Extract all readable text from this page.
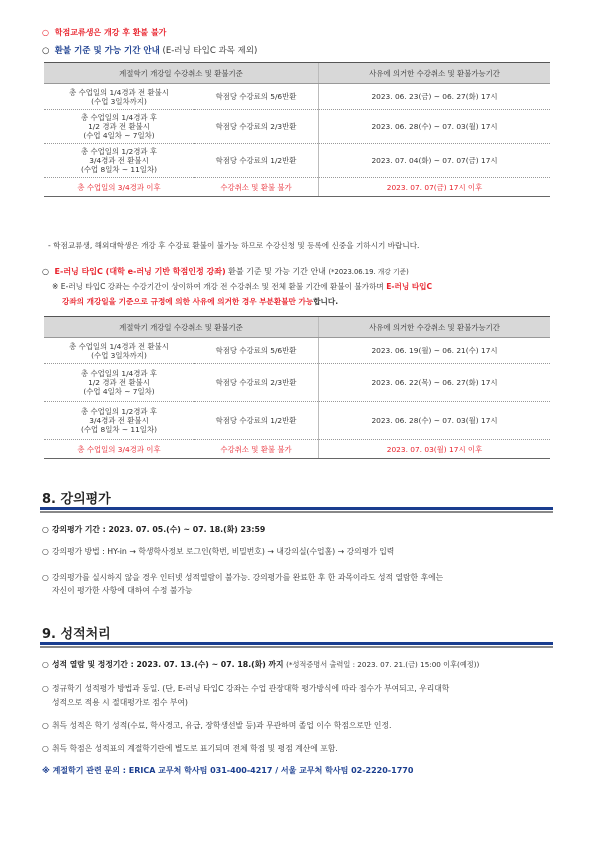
○ 학점교류생은 개강 후 환불 불가
○ 환불 기준 및 가능 기간 안내 (E-러닝 타입C 과목 제외)
계절학기 개강일 수강취소 및 환불기준		사유에 의거한 수강취소 및 환불가능기간
총 수업일의 1/4경과 전 환불시
(수업 3일차까지)	학점당 수강료의 5/6반환	2023. 06. 23(금) ~ 06. 27(화) 17시
총 수업일의 1/4경과 후
1/2 경과 전 환불시
(수업 4일차 ~ 7일차)	학점당 수강료의 2/3반환	2023. 06. 28(수) ~ 07. 03(월) 17시
총 수업일의 1/2경과 후
3/4경과 전 환불시
(수업 8일차 ~ 11일차)	학점당 수강료의 1/2반환	2023. 07. 04(화) ~ 07. 07(금) 17시
총 수업일의 3/4경과 이후	수강취소 및 환불 불가	2023. 07. 07(금) 17시 이후
- 학점교류생, 해외대학생은 개강 후 수강료 환불이 불가능 하므로 수강신청 및 등록에 신중을 기하시기 바랍니다.
○ E-러닝 타입C (대학 e-러닝 기반 학점인정 강좌) 환불 기준 및 가능 기간 안내 (*2023.06.19. 개강 기준)
※ E-러닝 타입C 강좌는 수강기간이 상이하여 개강 전 수강취소 및 전체 환불 기간에 환불이 불가하며 E-러닝 타입C
강좌의 개강일을 기준으로 규정에 의한 사유에 의거한 경우 부분환불만 가능합니다.
계절학기 개강일 수강취소 및 환불기준		사유에 의거한 수강취소 및 환불가능기간
총 수업일의 1/4경과 전 환불시
(수업 3일차까지)	학점당 수강료의 5/6반환	2023. 06. 19(월) ~ 06. 21(수) 17시
총 수업일의 1/4경과 후
1/2 경과 전 환불시
(수업 4일차 ~ 7일차)	학점당 수강료의 2/3반환	2023. 06. 22(목) ~ 06. 27(화) 17시
총 수업일의 1/2경과 후
3/4경과 전 환불시
(수업 8일차 ~ 11일차)	학점당 수강료의 1/2반환	2023. 06. 28(수) ~ 07. 03(월) 17시
총 수업일의 3/4경과 이후	수강취소 및 환불 불가	2023. 07. 03(월) 17시 이후
8. 강의평가
○ 강의평가 기간 : 2023. 07. 05.(수) ~ 07. 18.(화) 23:59
○ 강의평가 방법 : HY-in → 학생학사정보 로그인(학번, 비밀번호) → 내강의실(수업홈) → 강의평가 입력
○ 강의평가를 실시하지 않을 경우 인터넷 성적열람이 불가능. 강의평가를 완료한 후 한 과목이라도 성적 열람한 후에는
자신이 평가한 사항에 대하여 수정 불가능
9. 성적처리
○ 성적 열람 및 정정기간 : 2023. 07. 13.(수) ~ 07. 18.(화) 까지 (*성적증명서 출력일 : 2023. 07. 21.(금) 15:00 이후(예정))
○ 정규학기 성적평가 방법과 동일. (단, E-러닝 타입C 강좌는 수업 관장대학 평가방식에 따라 점수가 부여되고, 우리대학
성적으로 적용 시 절대평가로 점수 부여)
○ 취득 성적은 학기 성적(수료, 학사경고, 유급, 장학생선발 등)과 무관하며 졸업 이수 학점으로만 인정.
○ 취득 학점은 성적표의 계절학기란에 별도로 표기되며 전체 학점 및 평점 계산에 포함.
※ 계절학기 관련 문의 : ERICA 교무처 학사팀 031-400-4217 / 서울 교무처 학사팀 02-2220-1770
